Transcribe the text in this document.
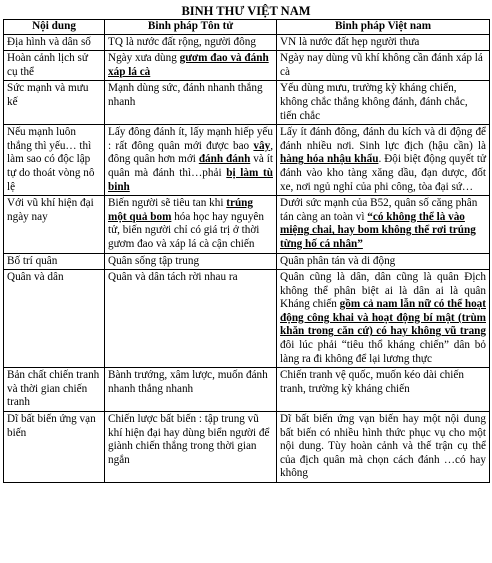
BINH THƯ VIỆT NAM
Nội dung	Binh pháp Tôn tử	Binh pháp Việt nam
Địa hình và dân số	TQ là nước đất rộng, người đông	VN là nước đất hẹp người thưa
Hoàn cảnh lịch sử cụ thể	Ngày xưa dùng gươm đao và đánh xáp lá cà	Ngày nay dùng vũ khí không cần đánh xáp lá cà
Sức mạnh và mưu kế	Mạnh dùng sức, đánh nhanh thắng nhanh	Yếu dùng mưu, trường kỳ kháng chiến, không chắc thắng không đánh, đánh chắc, tiến chắc
Nếu mạnh luôn thắng thì yếu… thì làm sao có độc lập tự do thoát vòng nô lệ	Lấy đông đánh ít, lấy mạnh hiếp yếu : rất đông quân mới được bao vây, đông quân hơn mới đánh đánh và ít quân mà đánh thì…phải bị làm tù binh	Lấy ít đánh đông, đánh du kích và di động để đánh nhiều nơi. Sinh lực địch (hậu cần) là hàng hóa nhậu khẩu. Đội biệt động quyết tử đánh vào kho tàng xăng dầu, đạn dược, đốt xe, nơi ngủ nghỉ của phi công, tòa đại sứ…
Với vũ khí hiện đại ngày nay	Biến người sẽ tiêu tan khi trúng một quả bom hóa học hay nguyên tử, biến người chỉ có giá trị ở thời gươm đao và xáp lá cà cận chiến	Dưới sức mạnh của B52, quân số căng phân tán càng an toàn vì “có không thể là vào miệng chai, hay bom không thể rơi trúng từng hố cá nhân”
Bố trí quân	Quân sống tập trung	Quân phân tán và di động
Quân và dân	Quân và dân tách rời nhau ra	Quân cũng là dân, dân cũng là quân Địch không thể phân biệt ai là dân ai là quân Kháng chiến gồm cả nam lẫn nữ có thể hoạt động công khai và hoạt động bí mật (trùm khăn trong căn cứ) có hay không vũ trang đôi lúc phải “tiêu thổ kháng chiến” dân bỏ làng ra đi không để lại lương thực
Bản chất chiến tranh và thời gian chiến tranh	Bành trướng, xâm lược, muốn đánh nhanh thắng nhanh	Chiến tranh vệ quốc, muốn kéo dài chiến tranh, trường kỳ kháng chiến
Dĩ bất biến ứng vạn biến	Chiến lược bất biến : tập trung vũ khí hiện đại hay dùng biển người để giành chiến thắng trong thời gian ngắn	Dĩ bất biến ứng vạn biến hay một nội dung bất biến có nhiều hình thức phục vụ cho một nội dung. Tùy hoàn cảnh và thế trận cụ thể của địch quân mà chọn cách đánh …có hay không
